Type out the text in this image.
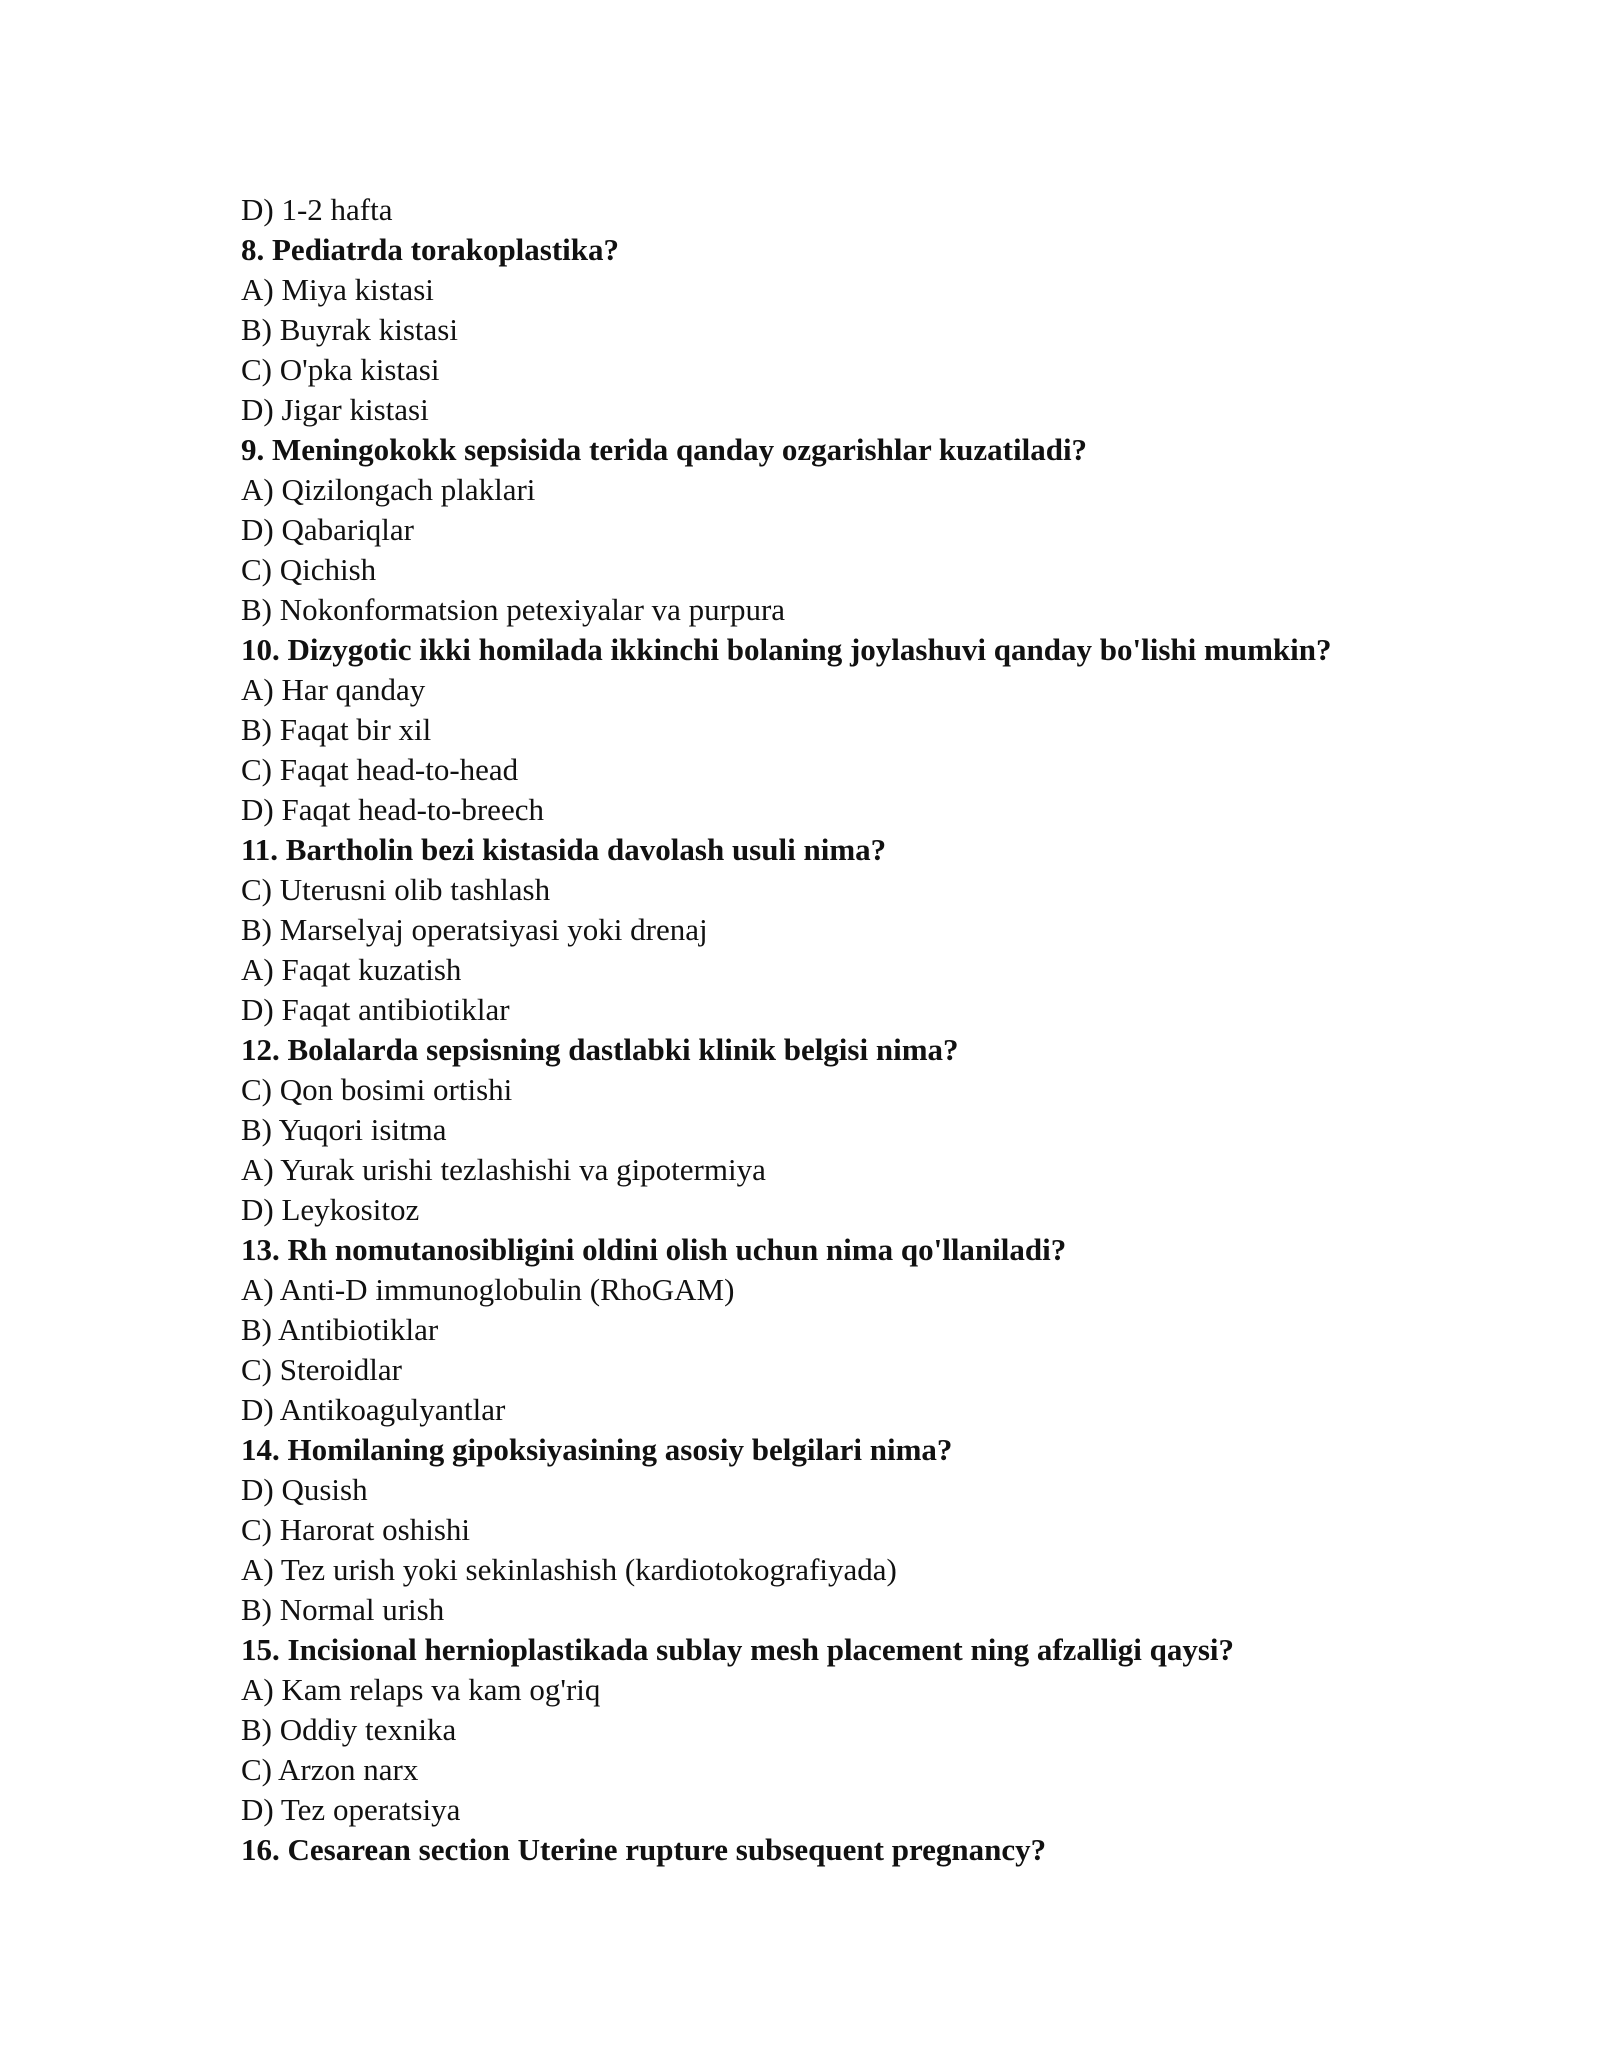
D) 1-2 hafta
8. Pediatrda torakoplastika?
A) Miya kistasi
B) Buyrak kistasi
C) O'pka kistasi
D) Jigar kistasi
9. Meningokokk sepsisida terida qanday ozgarishlar kuzatiladi?
A) Qizilongach plaklari
D) Qabariqlar
C) Qichish
B) Nokonformatsion petexiyalar va purpura
10. Dizygotic ikki homilada ikkinchi bolaning joylashuvi qanday bo'lishi mumkin?
A) Har qanday
B) Faqat bir xil
C) Faqat head-to-head
D) Faqat head-to-breech
11. Bartholin bezi kistasida davolash usuli nima?
C) Uterusni olib tashlash
B) Marselyaj operatsiyasi yoki drenaj
A) Faqat kuzatish
D) Faqat antibiotiklar
12. Bolalarda sepsisning dastlabki klinik belgisi nima?
C) Qon bosimi ortishi
B) Yuqori isitma
A) Yurak urishi tezlashishi va gipotermiya
D) Leykositoz
13. Rh nomutanosibligini oldini olish uchun nima qo'llaniladi?
A) Anti-D immunoglobulin (RhoGAM)
B) Antibiotiklar
C) Steroidlar
D) Antikoagulyantlar
14. Homilaning gipoksiyasining asosiy belgilari nima?
D) Qusish
C) Harorat oshishi
A) Tez urish yoki sekinlashish (kardiotokografiyada)
B) Normal urish
15. Incisional hernioplastikada sublay mesh placement ning afzalligi qaysi?
A) Kam relaps va kam og'riq
B) Oddiy texnika
C) Arzon narx
D) Tez operatsiya
16. Cesarean section Uterine rupture subsequent pregnancy?
